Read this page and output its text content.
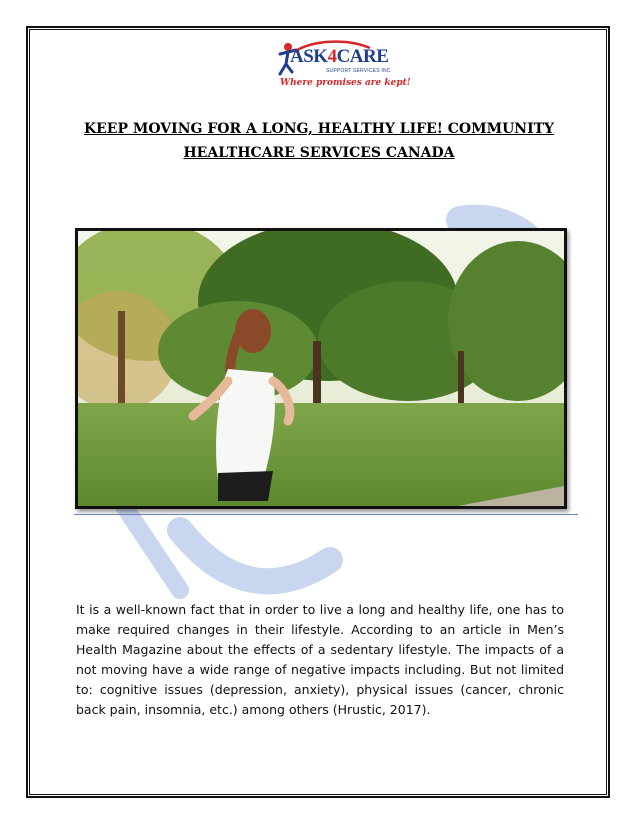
ASK4CARE
SUPPORT SERVICES INC
Where promises are kept!
KEEP MOVING FOR A LONG, HEALTHY LIFE! COMMUNITY HEALTHCARE SERVICES CANADA
It is a well-known fact that in order to live a long and healthy life, one has to make required changes in their lifestyle. According to an article in Men’s Health Magazine about the effects of a sedentary lifestyle. The impacts of a not moving have a wide range of negative impacts including. But not limited to: cognitive issues (depression, anxiety), physical issues (cancer, chronic back pain, insomnia, etc.) among others (Hrustic, 2017).
